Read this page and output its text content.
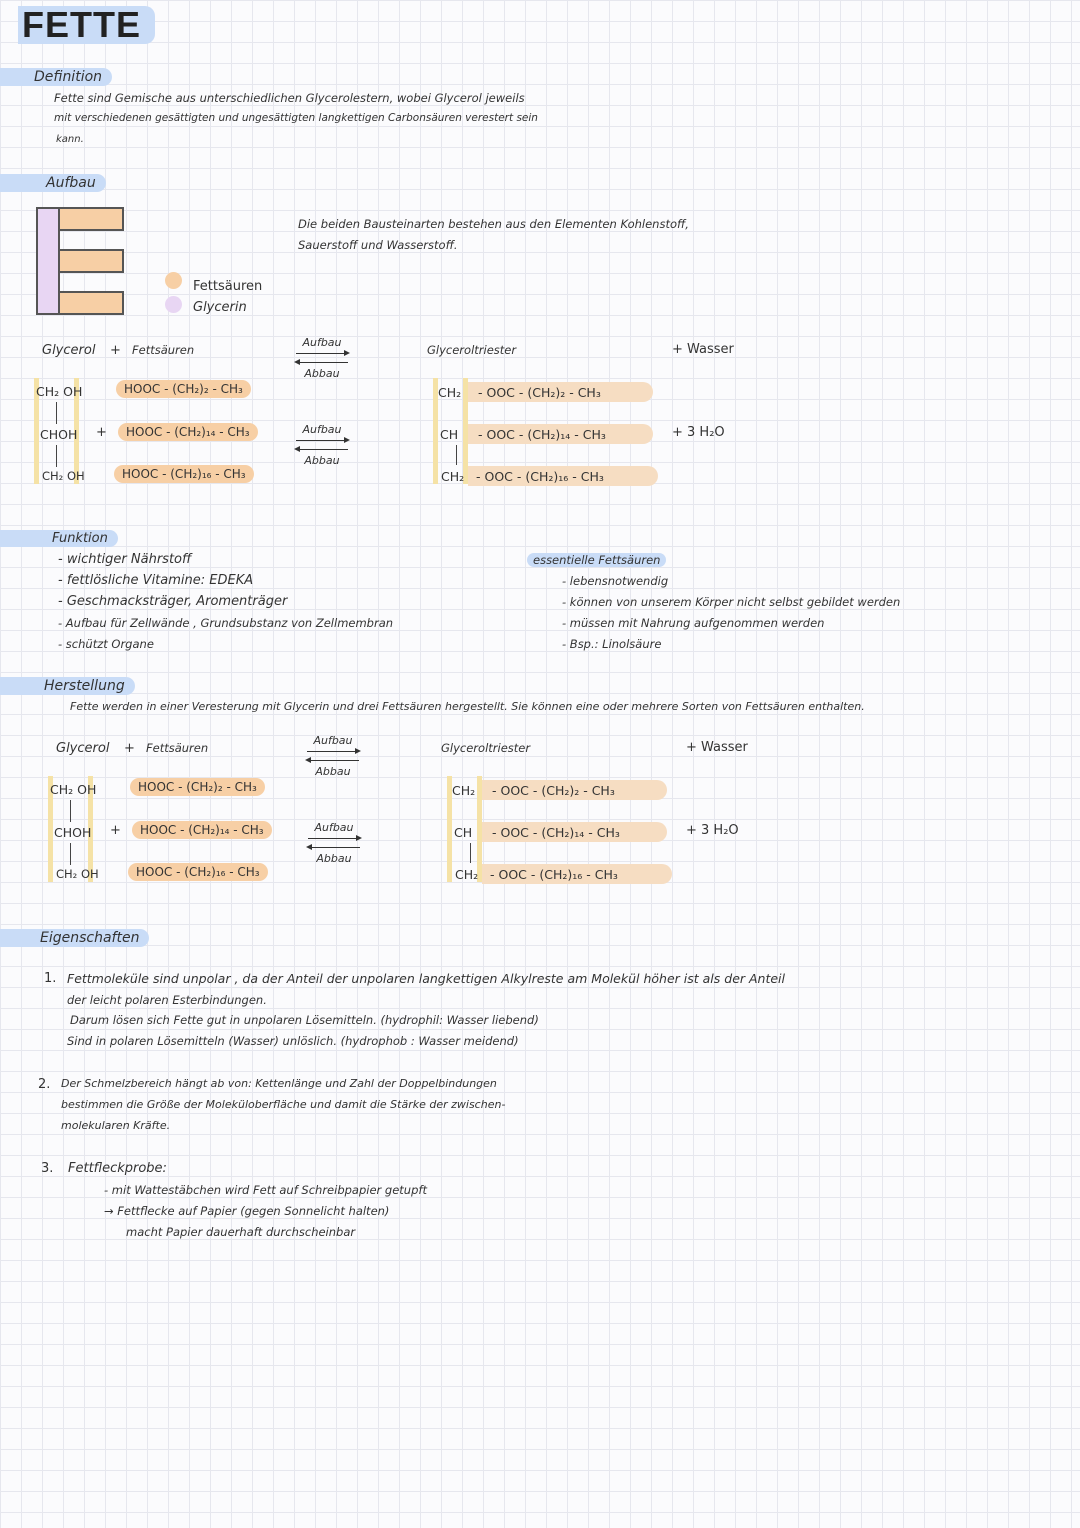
FETTE
Definition
Fette sind Gemische aus unterschiedlichen Glycerolestern, wobei Glycerol jeweils
mit verschiedenen gesättigten und ungesättigten langkettigen Carbonsäuren verestert sein
kann.
Aufbau
Fettsäuren
Glycerin
Die beiden Bausteinarten bestehen aus den Elementen Kohlenstoff,
Sauerstoff und Wasserstoff.
Glycerol + Fettsäuren
Aufbau
Abbau
Glyceroltriester	+ Wasser
CH₂ OH
CHOH
CH₂ OH
+
HOOC - (CH₂)₂ - CH₃
HOOC - (CH₂)₁₄ - CH₃
HOOC - (CH₂)₁₆ - CH₃
Aufbau
Abbau
CH₂
CH
CH₂
- OOC - (CH₂)₂ - CH₃
- OOC - (CH₂)₁₄ - CH₃
- OOC - (CH₂)₁₆ - CH₃
+ 3 H₂O
Funktion
- wichtiger Nährstoff
- fettlösliche Vitamine: EDEKA
- Geschmacksträger, Aromenträger
- Aufbau für Zellwände , Grundsubstanz von Zellmembran
- schützt Organe
essentielle Fettsäuren
- lebensnotwendig
- können von unserem Körper nicht selbst gebildet werden
- müssen mit Nahrung aufgenommen werden
- Bsp.: Linolsäure
Herstellung
Fette werden in einer Veresterung mit Glycerin und drei Fettsäuren hergestellt. Sie können eine oder mehrere Sorten von Fettsäuren enthalten.
Glycerol + Fettsäuren
Aufbau
Abbau
Glyceroltriester	+ Wasser
CH₂ OH
CHOH
CH₂ OH
+
HOOC - (CH₂)₂ - CH₃
HOOC - (CH₂)₁₄ - CH₃
HOOC - (CH₂)₁₆ - CH₃
Aufbau
Abbau
CH₂
CH
CH₂
- OOC - (CH₂)₂ - CH₃
- OOC - (CH₂)₁₄ - CH₃
- OOC - (CH₂)₁₆ - CH₃
+ 3 H₂O
Eigenschaften
1. Fettmoleküle sind unpolar , da der Anteil der unpolaren langkettigen Alkylreste am Molekül höher ist als der Anteil
der leicht polaren Esterbindungen.
Darum lösen sich Fette gut in unpolaren Lösemitteln. (hydrophil: Wasser liebend)
Sind in polaren Lösemitteln (Wasser) unlöslich. (hydrophob : Wasser meidend)
2. Der Schmelzbereich hängt ab von: Kettenlänge und Zahl der Doppelbindungen
bestimmen die Größe der Moleküloberfläche und damit die Stärke der zwischen-
molekularen Kräfte.
3. Fettfleckprobe:
- mit Wattestäbchen wird Fett auf Schreibpapier getupft
→ Fettflecke auf Papier (gegen Sonnelicht halten)
macht Papier dauerhaft durchscheinbar
